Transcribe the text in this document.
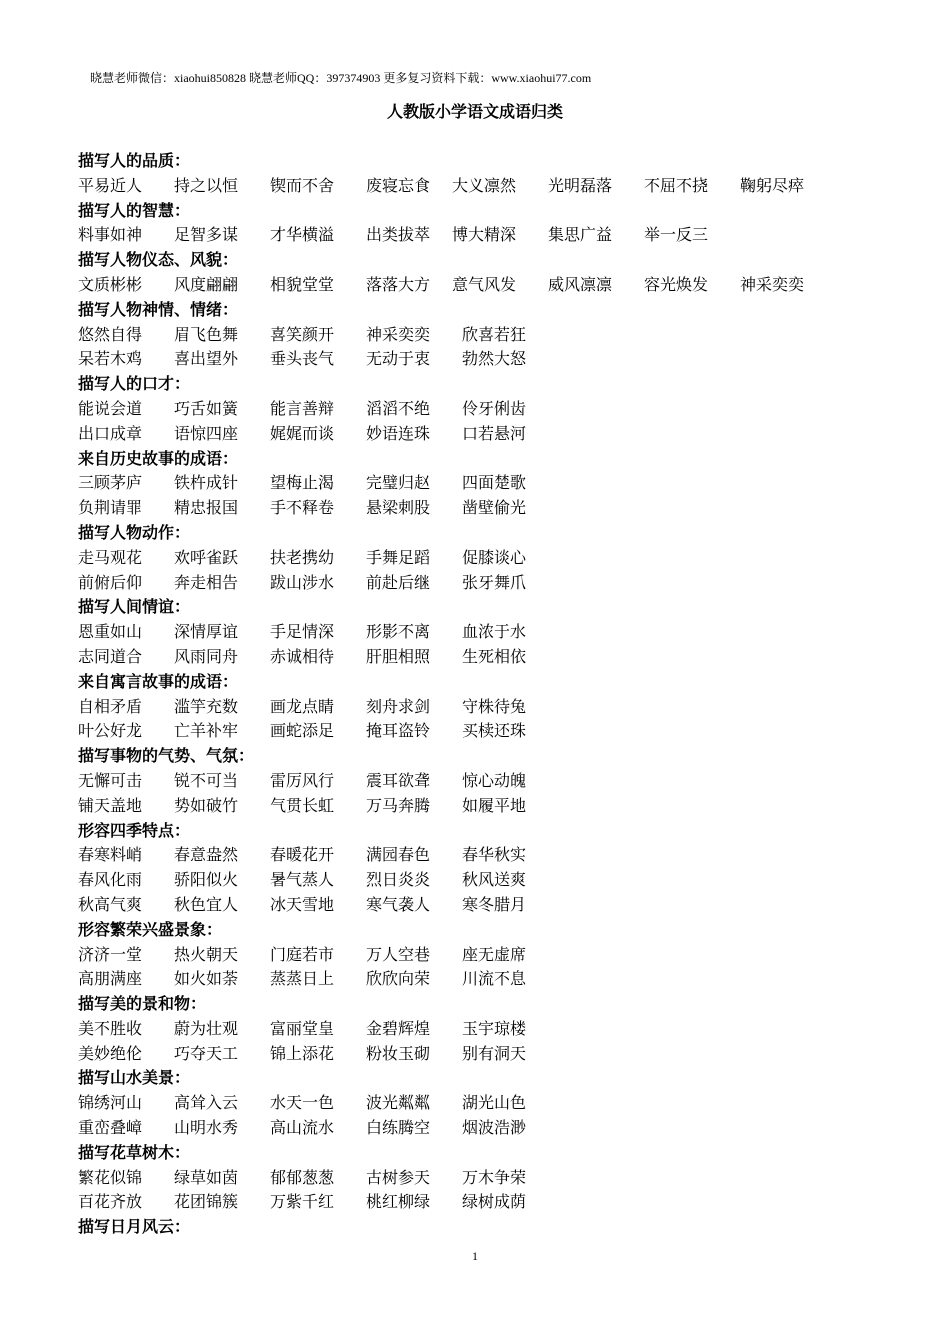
晓慧老师微信：xiaohui850828 晓慧老师QQ：397374903 更多复习资料下载：www.xiaohui77.com
人教版小学语文成语归类
描写人的品质：
平易近人 持之以恒 锲而不舍 废寝忘食 大义凛然 光明磊落 不屈不挠 鞠躬尽瘁
描写人的智慧：
料事如神 足智多谋 才华横溢 出类拔萃 博大精深 集思广益 举一反三
描写人物仪态、风貌：
文质彬彬 风度翩翩 相貌堂堂 落落大方 意气风发 威风凛凛 容光焕发 神采奕奕
描写人物神情、情绪：
悠然自得 眉飞色舞 喜笑颜开 神采奕奕 欣喜若狂
呆若木鸡 喜出望外 垂头丧气 无动于衷 勃然大怒
描写人的口才：
能说会道 巧舌如簧 能言善辩 滔滔不绝 伶牙俐齿
出口成章 语惊四座 娓娓而谈 妙语连珠 口若悬河
来自历史故事的成语：
三顾茅庐 铁杵成针 望梅止渴 完璧归赵 四面楚歌
负荆请罪 精忠报国 手不释卷 悬梁刺股 凿壁偷光
描写人物动作：
走马观花 欢呼雀跃 扶老携幼 手舞足蹈 促膝谈心
前俯后仰 奔走相告 跋山涉水 前赴后继 张牙舞爪
描写人间情谊：
恩重如山 深情厚谊 手足情深 形影不离 血浓于水
志同道合 风雨同舟 赤诚相待 肝胆相照 生死相依
来自寓言故事的成语：
自相矛盾 滥竽充数 画龙点睛 刻舟求剑 守株待兔
叶公好龙 亡羊补牢 画蛇添足 掩耳盗铃 买椟还珠
描写事物的气势、气氛：
无懈可击 锐不可当 雷厉风行 震耳欲聋 惊心动魄
铺天盖地 势如破竹 气贯长虹 万马奔腾 如履平地
形容四季特点：
春寒料峭 春意盎然 春暖花开 满园春色 春华秋实
春风化雨 骄阳似火 暑气蒸人 烈日炎炎 秋风送爽
秋高气爽 秋色宜人 冰天雪地 寒气袭人 寒冬腊月
形容繁荣兴盛景象：
济济一堂 热火朝天 门庭若市 万人空巷 座无虚席
高朋满座 如火如荼 蒸蒸日上 欣欣向荣 川流不息
描写美的景和物：
美不胜收 蔚为壮观 富丽堂皇 金碧辉煌 玉宇琼楼
美妙绝伦 巧夺天工 锦上添花 粉妆玉砌 别有洞天
描写山水美景：
锦绣河山 高耸入云 水天一色 波光粼粼 湖光山色
重峦叠嶂 山明水秀 高山流水 白练腾空 烟波浩渺
描写花草树木：
繁花似锦 绿草如茵 郁郁葱葱 古树参天 万木争荣
百花齐放 花团锦簇 万紫千红 桃红柳绿 绿树成荫
描写日月风云：
1
